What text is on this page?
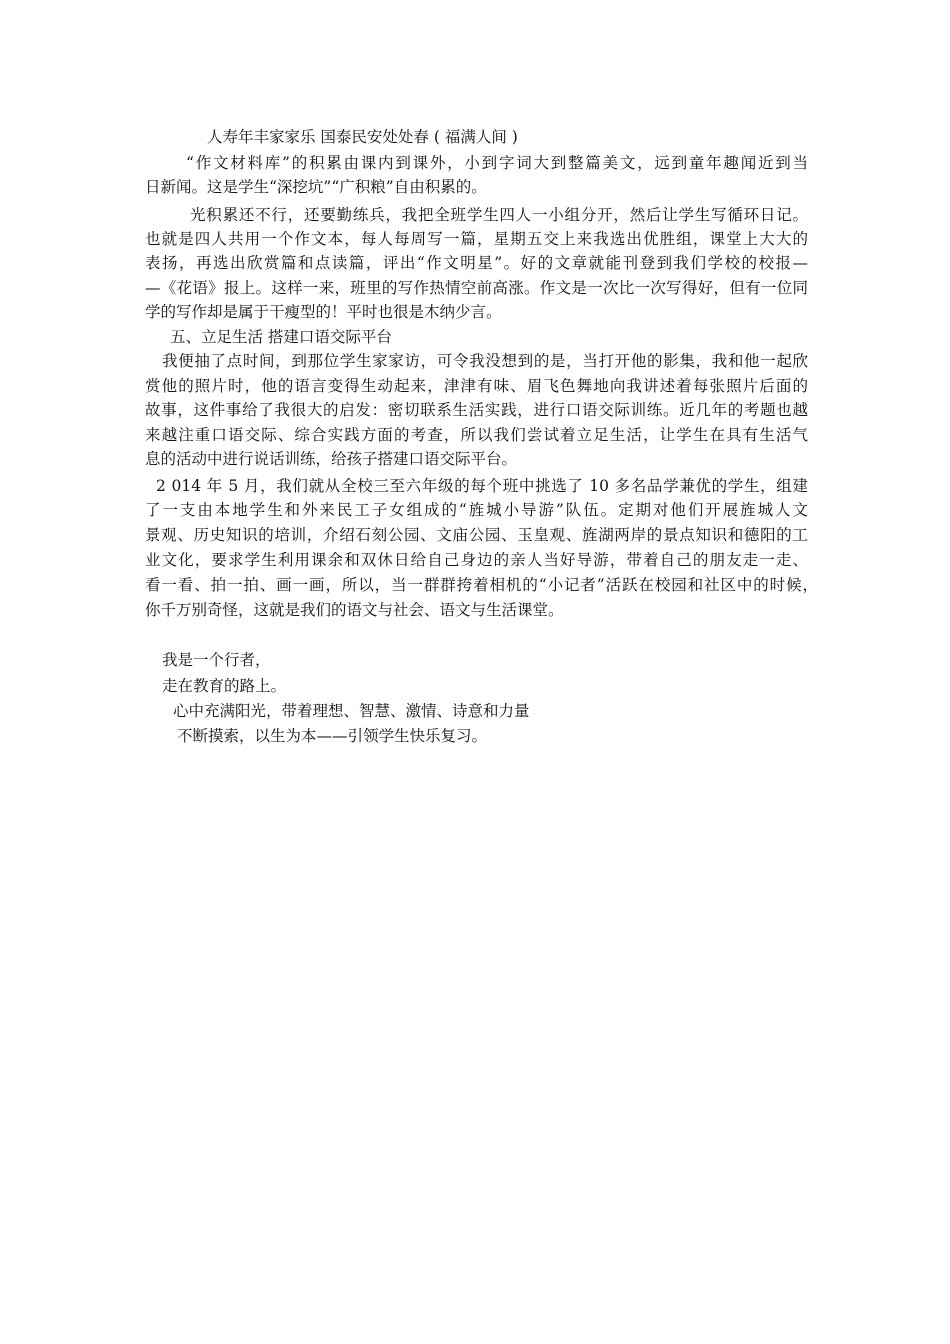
人寿年丰家家乐 国泰民安处处春 ( 福满人间 )
“作文材料库”的积累由课内到课外，小到字词大到整篇美文，远到童年趣闻近到当
日新闻。这是学生“深挖坑”“广积粮”自由积累的。
光积累还不行，还要勤练兵，我把全班学生四人一小组分开，然后让学生写循环日记。
也就是四人共用一个作文本，每人每周写一篇，星期五交上来我选出优胜组，课堂上大大的
表扬，再选出欣赏篇和点读篇，评出“作文明星”。好的文章就能刊登到我们学校的校报—
—《花语》报上。这样一来，班里的写作热情空前高涨。作文是一次比一次写得好，但有一位同
学的写作却是属于干瘦型的！平时也很是木纳少言。
五、立足生活 搭建口语交际平台
我便抽了点时间，到那位学生家家访，可令我没想到的是，当打开他的影集，我和他一起欣
赏他的照片时，他的语言变得生动起来，津津有味、眉飞色舞地向我讲述着每张照片后面的
故事，这件事给了我很大的启发：密切联系生活实践，进行口语交际训练。近几年的考题也越
来越注重口语交际、综合实践方面的考查，所以我们尝试着立足生活，让学生在具有生活气
息的活动中进行说话训练，给孩子搭建口语交际平台。
2 014 年 5 月，我们就从全校三至六年级的每个班中挑选了 10 多名品学兼优的学生，组建
了一支由本地学生和外来民工子女组成的“旌城小导游”队伍。定期对他们开展旌城人文
景观、历史知识的培训，介绍石刻公园、文庙公园、玉皇观、旌湖两岸的景点知识和德阳的工
业文化，要求学生利用课余和双休日给自己身边的亲人当好导游，带着自己的朋友走一走、
看一看、拍一拍、画一画，所以，当一群群挎着相机的“小记者”活跃在校园和社区中的时候，
你千万别奇怪，这就是我们的语文与社会、语文与生活课堂。
我是一个行者，
走在教育的路上。
心中充满阳光，带着理想、智慧、激情、诗意和力量
不断摸索，以生为本——引领学生快乐复习。
